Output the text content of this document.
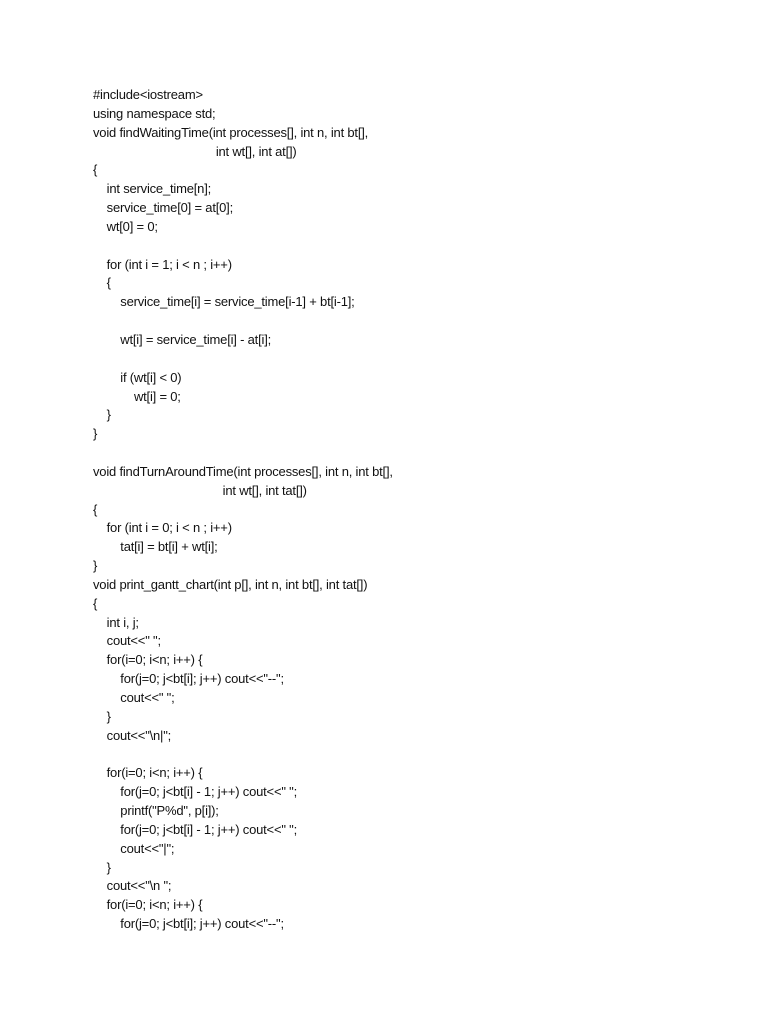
#include<iostream>
using namespace std;
void findWaitingTime(int processes[], int n, int bt[],
int wt[], int at[])
{
int service_time[n];
service_time[0] = at[0];
wt[0] = 0;
for (int i = 1; i < n ; i++)
{
service_time[i] = service_time[i-1] + bt[i-1];
wt[i] = service_time[i] - at[i];
if (wt[i] < 0)
wt[i] = 0;
}
}
void findTurnAroundTime(int processes[], int n, int bt[],
int wt[], int tat[])
{
for (int i = 0; i < n ; i++)
tat[i] = bt[i] + wt[i];
}
void print_gantt_chart(int p[], int n, int bt[], int tat[])
{
int i, j;
cout<<" ";
for(i=0; i<n; i++) {
for(j=0; j<bt[i]; j++) cout<<"--";
cout<<" ";
}
cout<<"\n|";
for(i=0; i<n; i++) {
for(j=0; j<bt[i] - 1; j++) cout<<" ";
printf("P%d", p[i]);
for(j=0; j<bt[i] - 1; j++) cout<<" ";
cout<<"|";
}
cout<<"\n ";
for(i=0; i<n; i++) {
for(j=0; j<bt[i]; j++) cout<<"--";
